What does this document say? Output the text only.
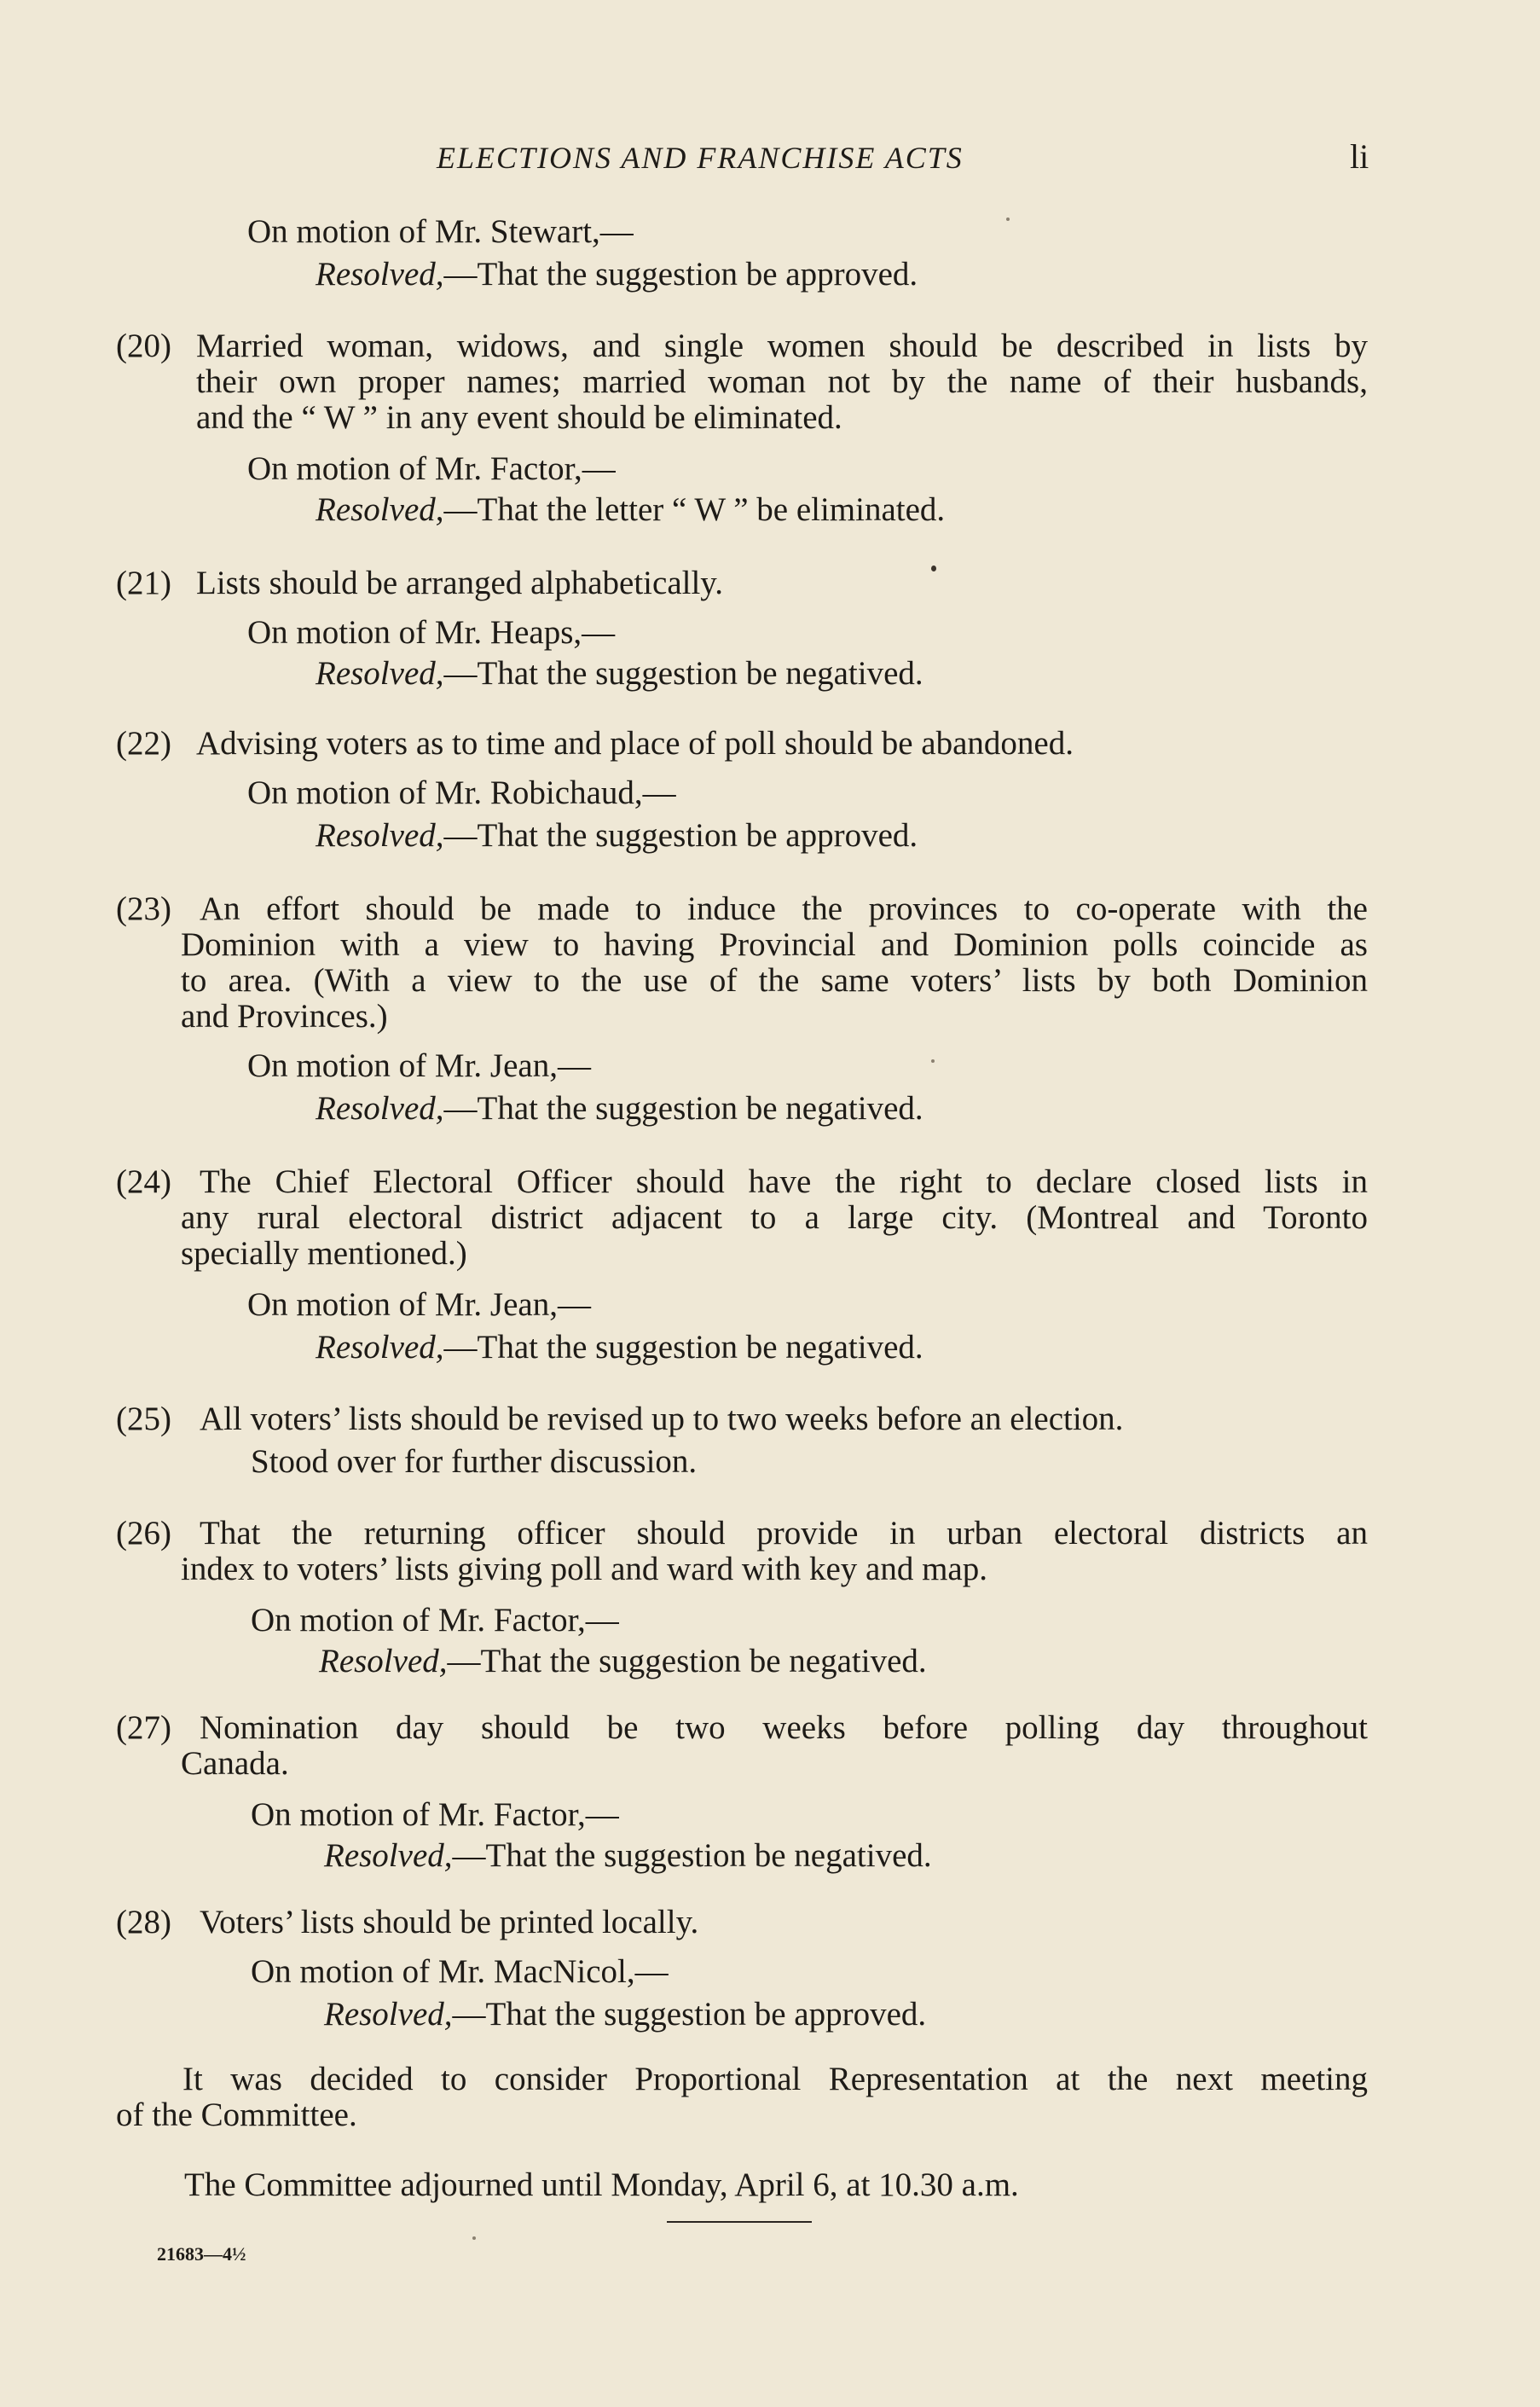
ELECTIONS AND FRANCHISE ACTS	li
On motion of Mr. Stewart,—
Resolved,—That the suggestion be approved.
(20) Married woman, widows, and single women should be described in lists by
their own proper names; married woman not by the name of their husbands,
and the “ W ” in any event should be eliminated.
On motion of Mr. Factor,—
Resolved,—That the letter “ W ” be eliminated.
(21) Lists should be arranged alphabetically.
On motion of Mr. Heaps,—
Resolved,—That the suggestion be negatived.
(22) Advising voters as to time and place of poll should be abandoned.
On motion of Mr. Robichaud,—
Resolved,—That the suggestion be approved.
(23) An effort should be made to induce the provinces to co-operate with the
Dominion with a view to having Provincial and Dominion polls coincide as
to area. (With a view to the use of the same voters’ lists by both Dominion
and Provinces.)
On motion of Mr. Jean,—
Resolved,—That the suggestion be negatived.
(24) The Chief Electoral Officer should have the right to declare closed lists in
any rural electoral district adjacent to a large city. (Montreal and Toronto
specially mentioned.)
On motion of Mr. Jean,—
Resolved,—That the suggestion be negatived.
(25) All voters’ lists should be revised up to two weeks before an election.
Stood over for further discussion.
(26) That the returning officer should provide in urban electoral districts an
index to voters’ lists giving poll and ward with key and map.
On motion of Mr. Factor,—
Resolved,—That the suggestion be negatived.
(27) Nomination day should be two weeks before polling day throughout
Canada.
On motion of Mr. Factor,—
Resolved,—That the suggestion be negatived.
(28) Voters’ lists should be printed locally.
On motion of Mr. MacNicol,—
Resolved,—That the suggestion be approved.
It was decided to consider Proportional Representation at the next meeting
of the Committee.
The Committee adjourned until Monday, April 6, at 10.30 a.m.
21683—4½
